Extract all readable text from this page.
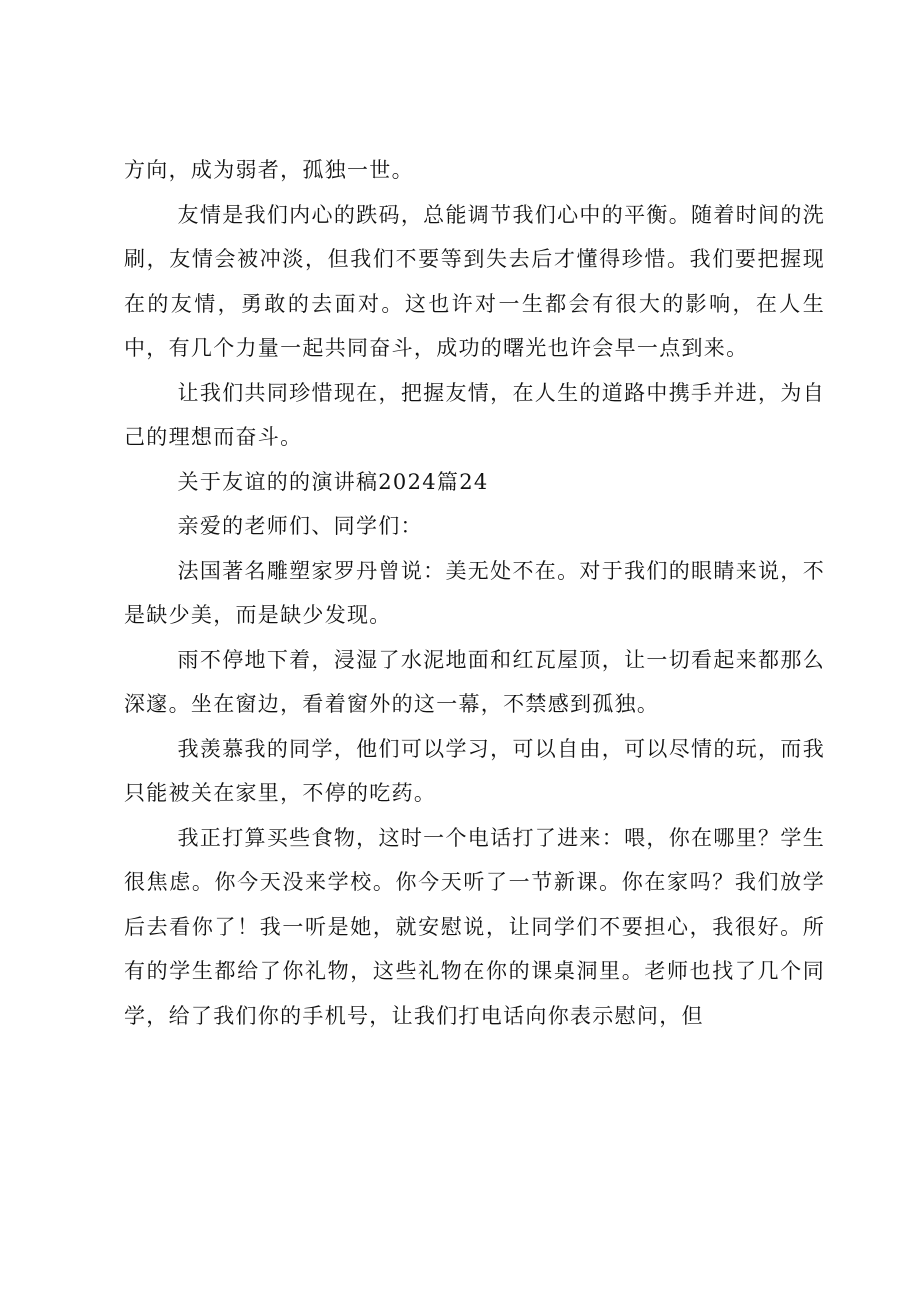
方向，成为弱者，孤独一世。

友情是我们内心的跌码，总能调节我们心中的平衡。随着时间的洗刷，友情会被冲淡，但我们不要等到失去后才懂得珍惜。我们要把握现在的友情，勇敢的去面对。这也许对一生都会有很大的影响，在人生中，有几个力量一起共同奋斗，成功的曙光也许会早一点到来。

让我们共同珍惜现在，把握友情，在人生的道路中携手并进，为自己的理想而奋斗。

关于友谊的的演讲稿2024篇24

亲爱的老师们、同学们：

法国著名雕塑家罗丹曾说：美无处不在。对于我们的眼睛来说，不是缺少美，而是缺少发现。

雨不停地下着，浸湿了水泥地面和红瓦屋顶，让一切看起来都那么深邃。坐在窗边，看着窗外的这一幕，不禁感到孤独。

我羡慕我的同学，他们可以学习，可以自由，可以尽情的玩，而我只能被关在家里，不停的吃药。

我正打算买些食物，这时一个电话打了进来：喂，你在哪里？学生很焦虑。你今天没来学校。你今天听了一节新课。你在家吗？我们放学后去看你了！我一听是她，就安慰说，让同学们不要担心，我很好。所有的学生都给了你礼物，这些礼物在你的课桌洞里。老师也找了几个同学，给了我们你的手机号，让我们打电话向你表示慰问，但
